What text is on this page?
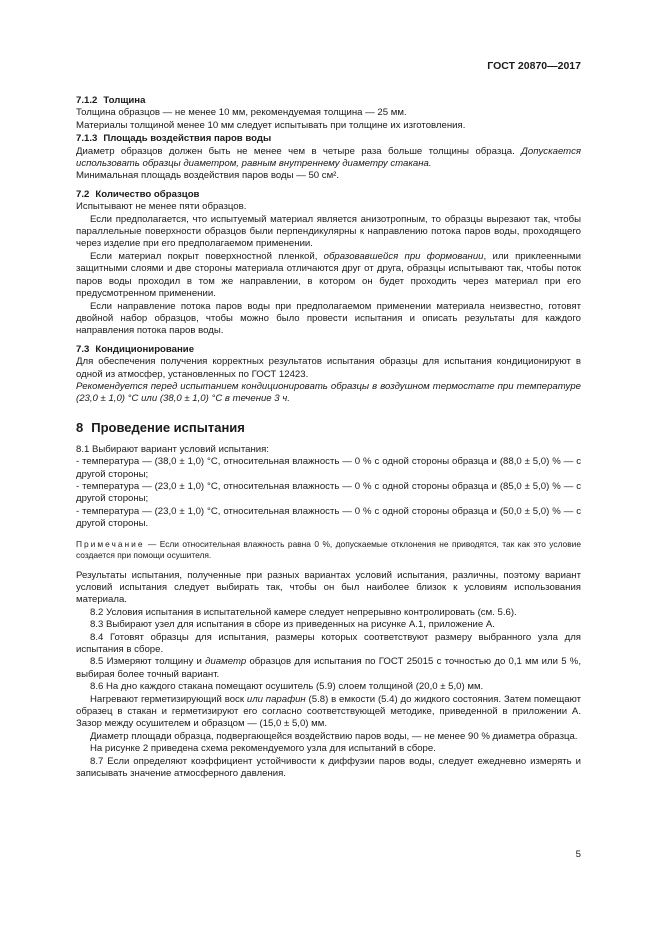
ГОСТ 20870—2017

7.1.2 Толщина

Толщина образцов — не менее 10 мм, рекомендуемая толщина — 25 мм.

Материалы толщиной менее 10 мм следует испытывать при толщине их изготовления.

7.1.3 Площадь воздействия паров воды

Диаметр образцов должен быть не менее чем в четыре раза больше толщины образца. Допускается использовать образцы диаметром, равным внутреннему диаметру стакана.

Минимальная площадь воздействия паров воды — 50 см².

7.2 Количество образцов

Испытывают не менее пяти образцов.

Если предполагается, что испытуемый материал является анизотропным, то образцы вырезают так, чтобы параллельные поверхности образцов были перпендикулярны к направлению потока паров воды, проходящего через изделие при его предполагаемом применении.

Если материал покрыт поверхностной пленкой, образовавшейся при формовании, или приклеенными защитными слоями и две стороны материала отличаются друг от друга, образцы испытывают так, чтобы поток паров воды проходил в том же направлении, в котором он будет проходить через материал при его предусмотренном применении.

Если направление потока паров воды при предполагаемом применении материала неизвестно, готовят двойной набор образцов, чтобы можно было провести испытания и описать результаты для каждого направления потока паров воды.

7.3 Кондиционирование

Для обеспечения получения корректных результатов испытания образцы для испытания кондиционируют в одной из атмосфер, установленных по ГОСТ 12423.

Рекомендуется перед испытанием кондиционировать образцы в воздушном термостате при температуре (23,0 ± 1,0) °С или (38,0 ± 1,0) °С в течение 3 ч.

8 Проведение испытания

8.1 Выбирают вариант условий испытания:

- температура — (38,0 ± 1,0) °С, относительная влажность — 0 % с одной стороны образца и (88,0 ± 5,0) % — с другой стороны;

- температура — (23,0 ± 1,0) °С, относительная влажность — 0 % с одной стороны образца и (85,0 ± 5,0) % — с другой стороны;

- температура — (23,0 ± 1,0) °С, относительная влажность — 0 % с одной стороны образца и (50,0 ± 5,0) % — с другой стороны.

Примечание — Если относительная влажность равна 0 %, допускаемые отклонения не приводятся, так как это условие создается при помощи осушителя.

Результаты испытания, полученные при разных вариантах условий испытания, различны, поэтому вариант условий испытания следует выбирать так, чтобы он был наиболее близок к условиям использования материала.

8.2 Условия испытания в испытательной камере следует непрерывно контролировать (см. 5.6).

8.3 Выбирают узел для испытания в сборе из приведенных на рисунке А.1, приложение А.

8.4 Готовят образцы для испытания, размеры которых соответствуют размеру выбранного узла для испытания в сборе.

8.5 Измеряют толщину и диаметр образцов для испытания по ГОСТ 25015 с точностью до 0,1 мм или 5 %, выбирая более точный вариант.

8.6 На дно каждого стакана помещают осушитель (5.9) слоем толщиной (20,0 ± 5,0) мм.

Нагревают герметизирующий воск или парафин (5.8) в емкости (5.4) до жидкого состояния. Затем помещают образец в стакан и герметизируют его согласно соответствующей методике, приведенной в приложении А. Зазор между осушителем и образцом — (15,0 ± 5,0) мм.

Диаметр площади образца, подвергающейся воздействию паров воды, — не менее 90 % диаметра образца.

На рисунке 2 приведена схема рекомендуемого узла для испытаний в сборе.

8.7 Если определяют коэффициент устойчивости к диффузии паров воды, следует ежедневно измерять и записывать значение атмосферного давления.

5
